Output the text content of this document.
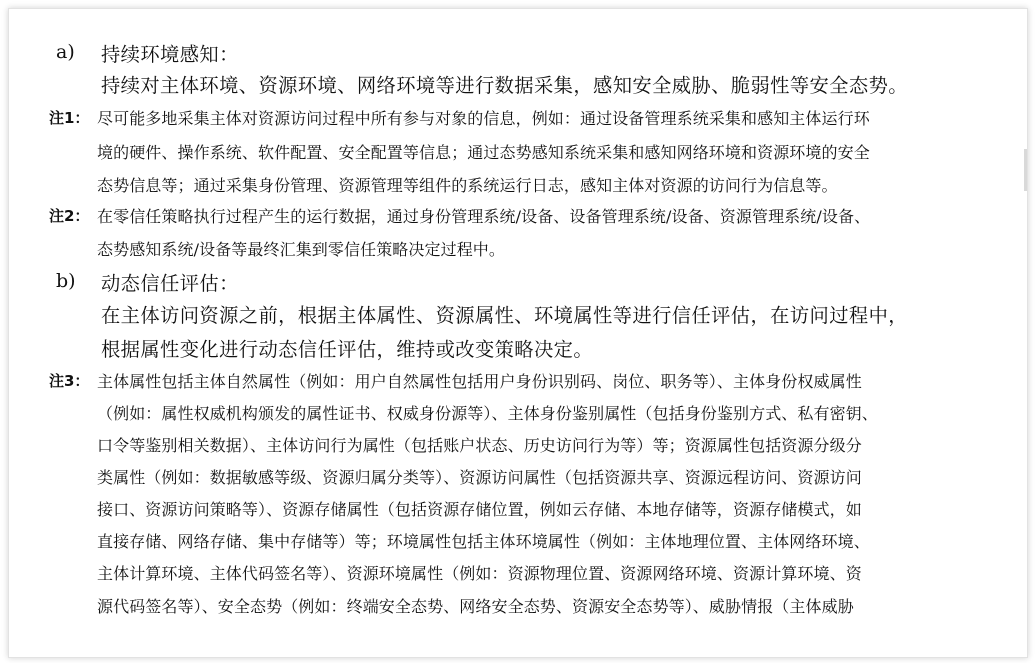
a) 持续环境感知：
持续对主体环境、资源环境、网络环境等进行数据采集，感知安全威胁、脆弱性等安全态势。
注1： 尽可能多地采集主体对资源访问过程中所有参与对象的信息，例如：通过设备管理系统采集和感知主体运行环
境的硬件、操作系统、软件配置、安全配置等信息；通过态势感知系统采集和感知网络环境和资源环境的安全
态势信息等；通过采集身份管理、资源管理等组件的系统运行日志，感知主体对资源的访问行为信息等。
注2： 在零信任策略执行过程产生的运行数据，通过身份管理系统/设备、设备管理系统/设备、资源管理系统/设备、
态势感知系统/设备等最终汇集到零信任策略决定过程中。
b) 动态信任评估：
在主体访问资源之前，根据主体属性、资源属性、环境属性等进行信任评估，在访问过程中，
根据属性变化进行动态信任评估，维持或改变策略决定。
注3： 主体属性包括主体自然属性（例如：用户自然属性包括用户身份识别码、岗位、职务等）、主体身份权威属性
（例如：属性权威机构颁发的属性证书、权威身份源等）、主体身份鉴别属性（包括身份鉴别方式、私有密钥、
口令等鉴别相关数据）、主体访问行为属性（包括账户状态、历史访问行为等）等；资源属性包括资源分级分
类属性（例如：数据敏感等级、资源归属分类等）、资源访问属性（包括资源共享、资源远程访问、资源访问
接口、资源访问策略等）、资源存储属性（包括资源存储位置，例如云存储、本地存储等，资源存储模式，如
直接存储、网络存储、集中存储等）等；环境属性包括主体环境属性（例如：主体地理位置、主体网络环境、
主体计算环境、主体代码签名等）、资源环境属性（例如：资源物理位置、资源网络环境、资源计算环境、资
源代码签名等）、安全态势（例如：终端安全态势、网络安全态势、资源安全态势等）、威胁情报（主体威胁
